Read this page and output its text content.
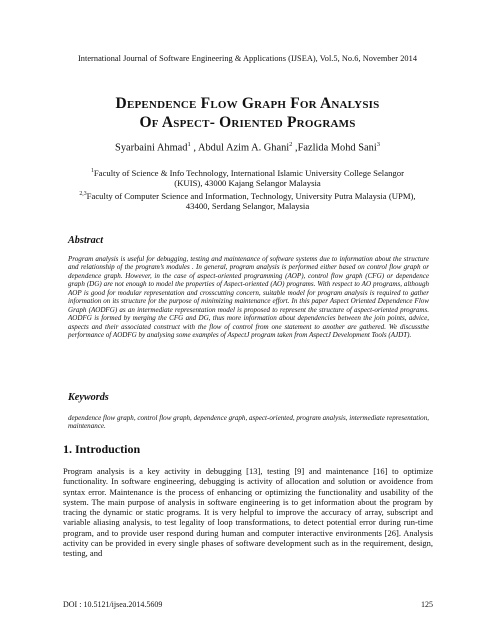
International Journal of Software Engineering & Applications (IJSEA), Vol.5, No.6, November 2014
Dependence Flow Graph For Analysis
Of Aspect- Oriented Programs
Syarbaini Ahmad$^1$ , Abdul Azim A. Ghani$^2$ ,Fazlida Mohd Sani$^3$
$^1$Faculty of Science & Info Technology, International Islamic University College Selangor
(KUIS), 43000 Kajang Selangor Malaysia
$^{2,3}$Faculty of Computer Science and Information, Technology, University Putra Malaysia (UPM),
43400, Serdang Selangor, Malaysia
Abstract
Program analysis is useful for debugging, testing and maintenance of software systems due to information about the structure and relationship of the program’s modules . In general, program analysis is performed either based on control flow graph or dependence graph. However, in the case of aspect-oriented programming (AOP), control flow graph (CFG) or dependence graph (DG) are not enough to model the properties of Aspect-oriented (AO) programs. With respect to AO programs, although AOP is good for modular representation and crosscutting concern, suitable model for program analysis is required to gather information on its structure for the purpose of minimizing maintenance effort. In this paper Aspect Oriented Dependence Flow Graph (AODFG) as an intermediate representation model is proposed to represent the structure of aspect-oriented programs. AODFG is formed by merging the CFG and DG, thus more information about dependencies between the join points, advice, aspects and their associated construct with the flow of control from one statement to another are gathered. We discussthe performance of AODFG by analysing some examples of AspectJ program taken from AspectJ Development Tools (AJDT).
Keywords
dependence flow graph, control flow graph, dependence graph, aspect-oriented, program analysis, intermediate representation, maintenance.
1. Introduction
Program analysis is a key activity in debugging [13], testing [9] and maintenance [16] to optimize functionality. In software engineering, debugging is activity of allocation and solution or avoidence from syntax error. Maintenance is the process of enhancing or optimizing the functionality and usability of the system. The main purpose of analysis in software engineering is to get information about the program by tracing the dynamic or static programs. It is very helpful to improve the accuracy of array, subscript and variable aliasing analysis, to test legality of loop transformations, to detect potential error during run-time program, and to provide user respond during human and computer interactive environments [26]. Analysis activity can be provided in every single phases of software development such as in the requirement, design, testing, and
DOI : 10.5121/ijsea.2014.5609	125
